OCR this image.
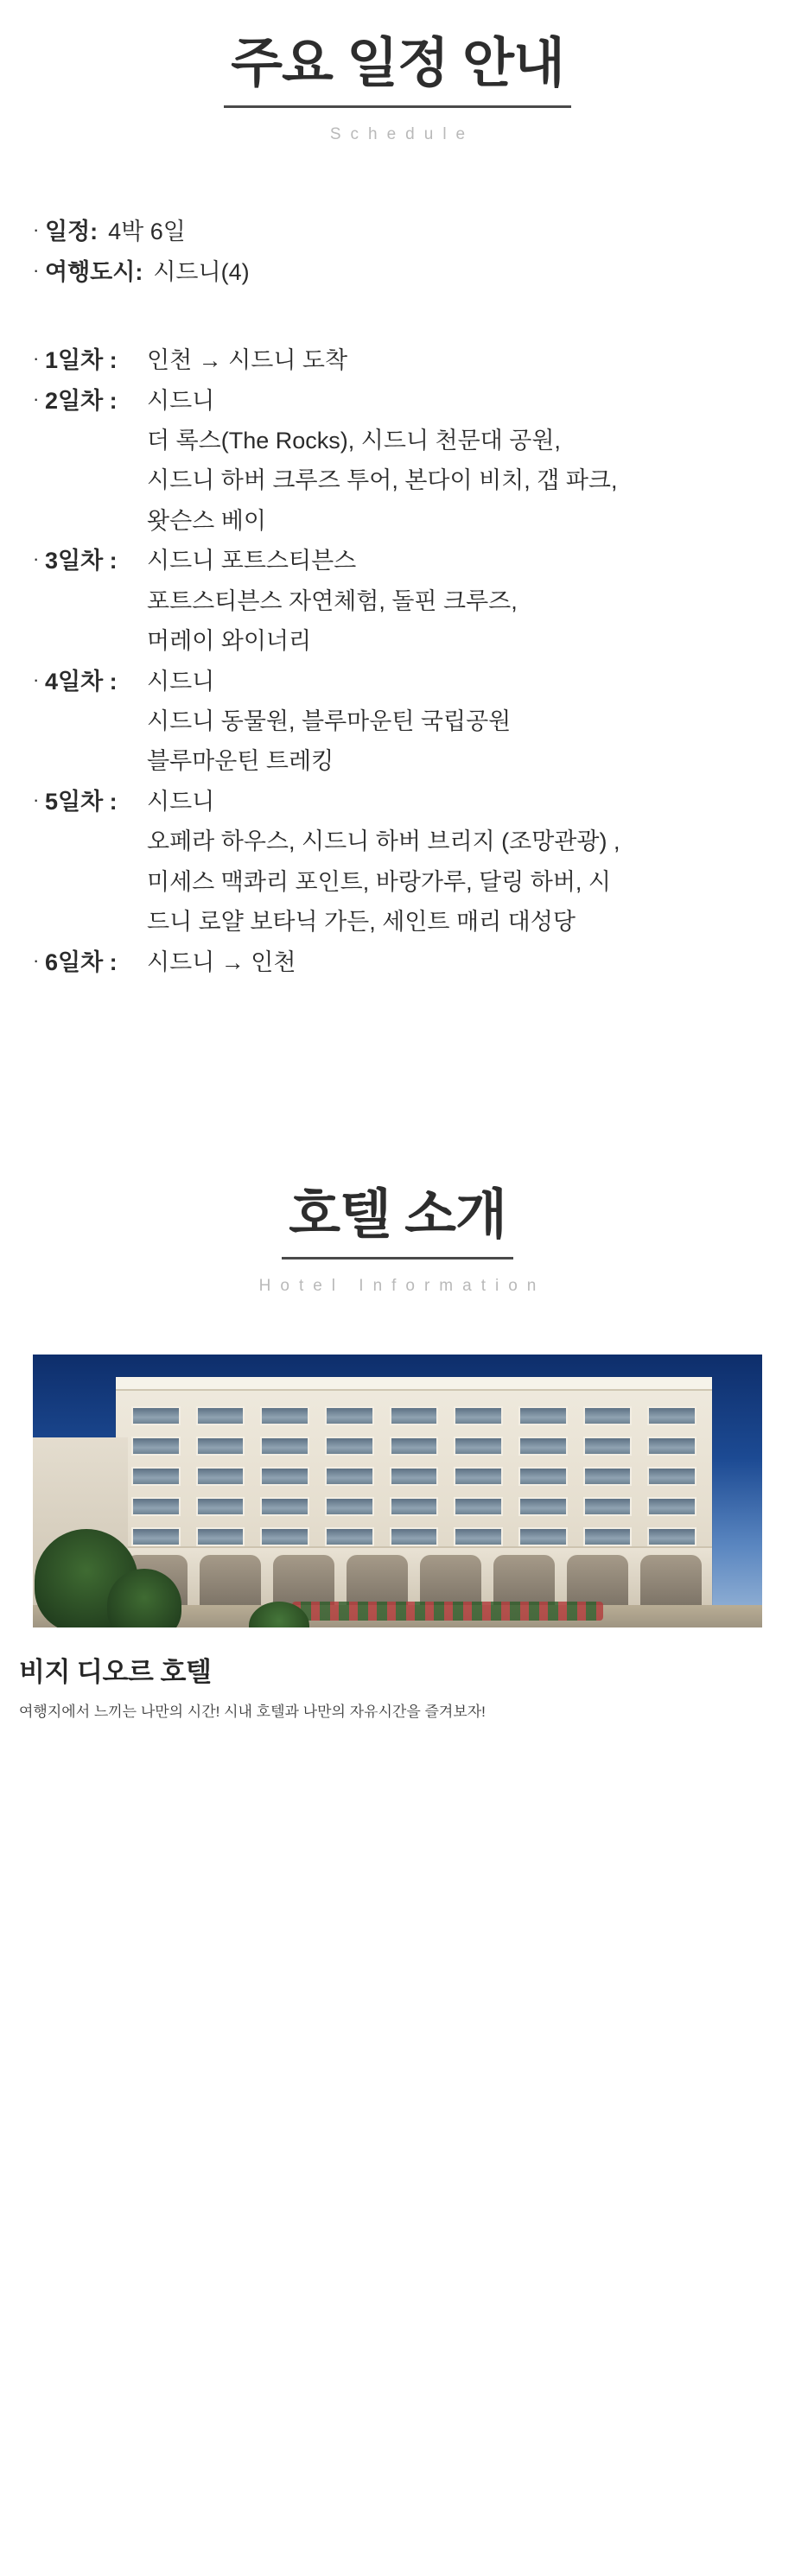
주요 일정 안내
Schedule
· 일정: 4박 6일
· 여행도시: 시드니(4)
· 1일차 :	인천 → 시드니 도착
· 2일차 :	시드니
더 록스(The Rocks), 시드니 천문대 공원,
시드니 하버 크루즈 투어, 본다이 비치, 갭 파크,
왓슨스 베이
· 3일차 :	시드니 포트스티븐스
포트스티븐스 자연체험, 돌핀 크루즈,
머레이 와이너리
· 4일차 :	시드니
시드니 동물원, 블루마운틴 국립공원
블루마운틴 트레킹
· 5일차 :	시드니
오페라 하우스, 시드니 하버 브리지 (조망관광) ,
미세스 맥콰리 포인트, 바랑가루, 달링 하버, 시
드니 로얄 보타닉 가든, 세인트 매리 대성당
· 6일차 :	시드니 → 인천
호텔 소개
Hotel Information
비지 디오르 호텔
여행지에서 느끼는 나만의 시간! 시내 호텔과 나만의 자유시간을 즐겨보자!
